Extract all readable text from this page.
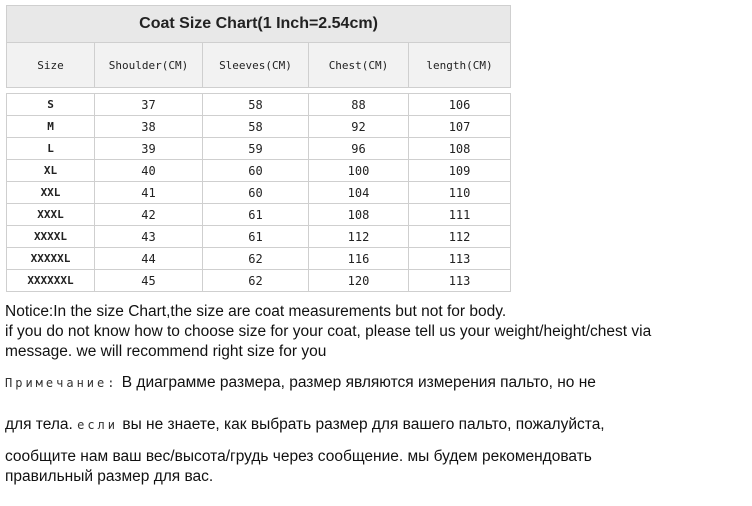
Coat Size Chart(1 Inch=2.54cm)				
Size	Shoulder(CM)	Sleeves(CM)	Chest(CM)	length(CM)

S	37	58	88	106
M	38	58	92	107
L	39	59	96	108
XL	40	60	100	109
XXL	41	60	104	110
XXXL	42	61	108	111
XXXXL	43	61	112	112
XXXXXL	44	62	116	113
XXXXXXL	45	62	120	113

Notice:In the size Chart,the size are coat measurements but not for body.

if you do not know how to choose size for your coat, please tell us your weight/height/chest via

message. we will recommend right size for you

Примечание: В диаграмме размера, размер являются измерения пальто, но не
для тела. если вы не знаете, как выбрать размер для вашего пальто, пожалуйста,
сообщите нам ваш вес/высота/грудь через сообщение. мы будем рекомендовать
правильный размер для вас.
